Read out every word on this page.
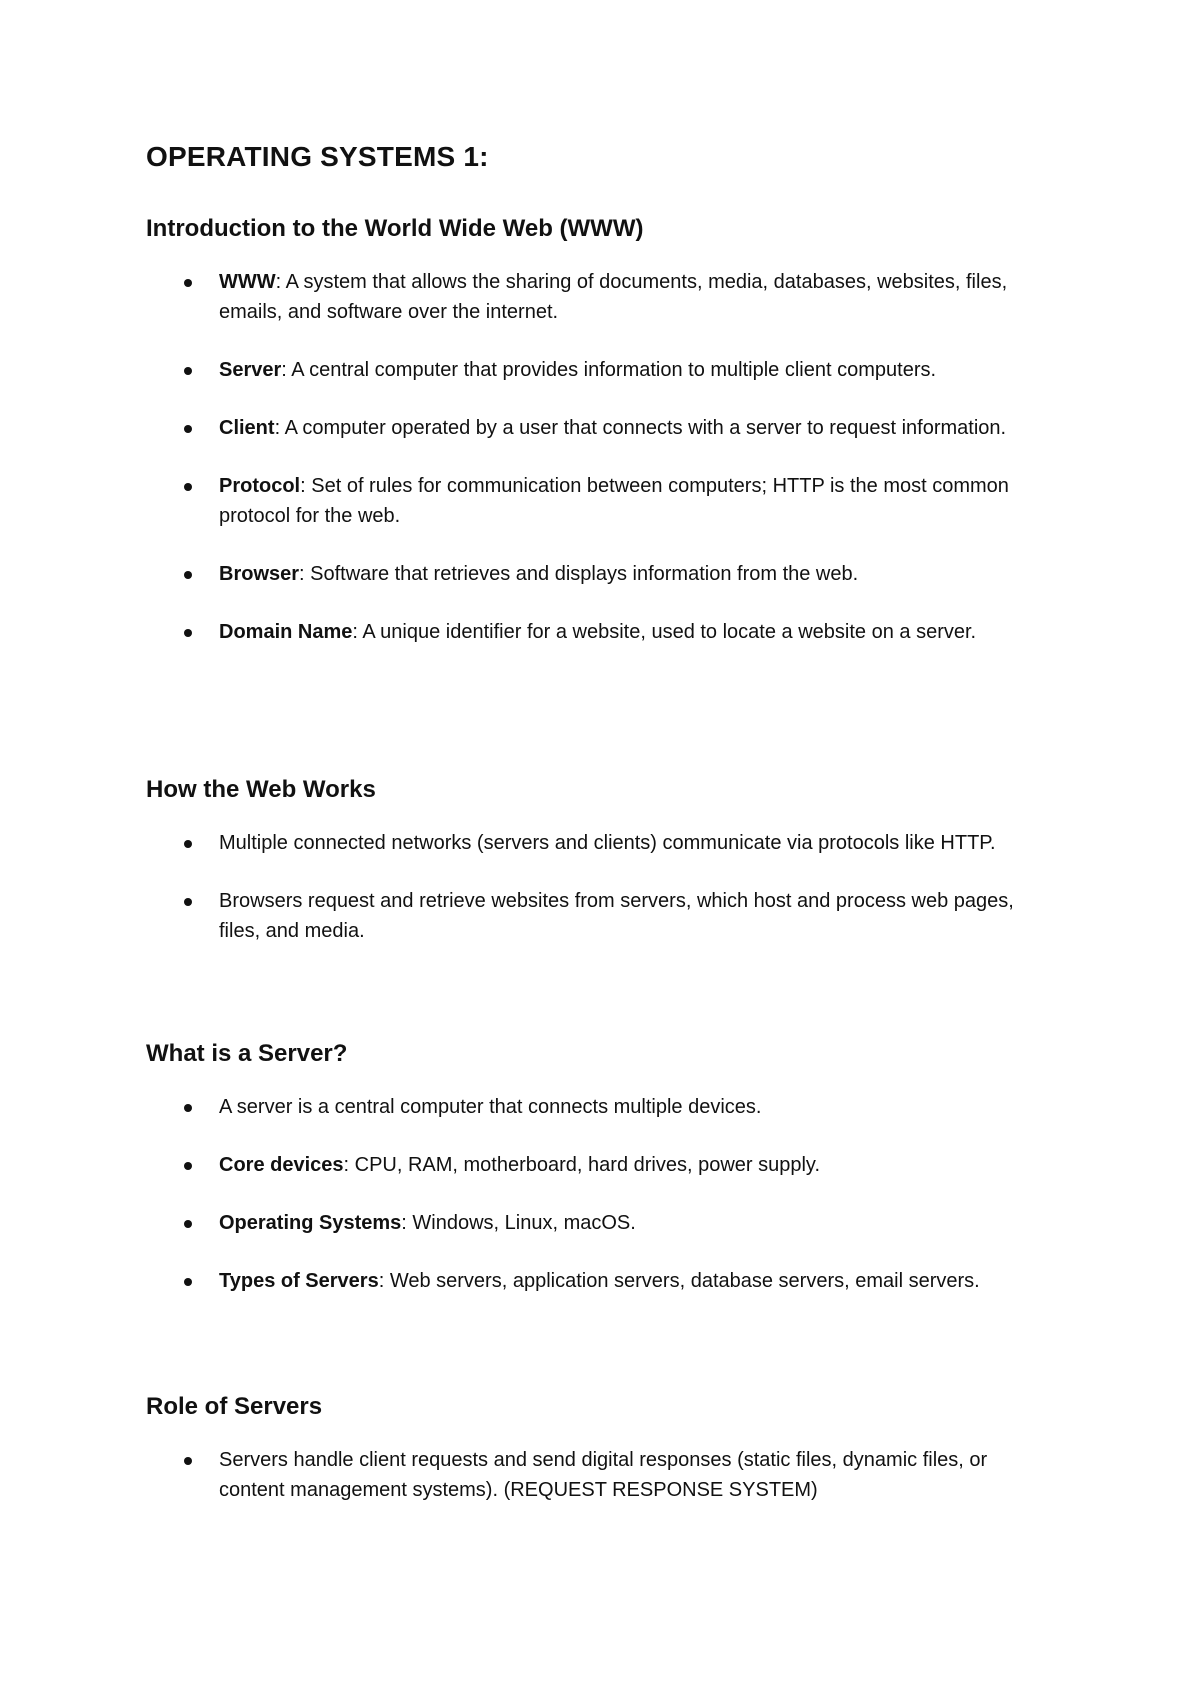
OPERATING SYSTEMS 1:
Introduction to the World Wide Web (WWW)
WWW: A system that allows the sharing of documents, media, databases, websites, files, emails, and software over the internet.
Server: A central computer that provides information to multiple client computers.
Client: A computer operated by a user that connects with a server to request information.
Protocol: Set of rules for communication between computers; HTTP is the most common protocol for the web.
Browser: Software that retrieves and displays information from the web.
Domain Name: A unique identifier for a website, used to locate a website on a server.
How the Web Works
Multiple connected networks (servers and clients) communicate via protocols like HTTP.
Browsers request and retrieve websites from servers, which host and process web pages, files, and media.
What is a Server?
A server is a central computer that connects multiple devices.
Core devices: CPU, RAM, motherboard, hard drives, power supply.
Operating Systems: Windows, Linux, macOS.
Types of Servers: Web servers, application servers, database servers, email servers.
Role of Servers
Servers handle client requests and send digital responses (static files, dynamic files, or content management systems). (REQUEST RESPONSE SYSTEM)
